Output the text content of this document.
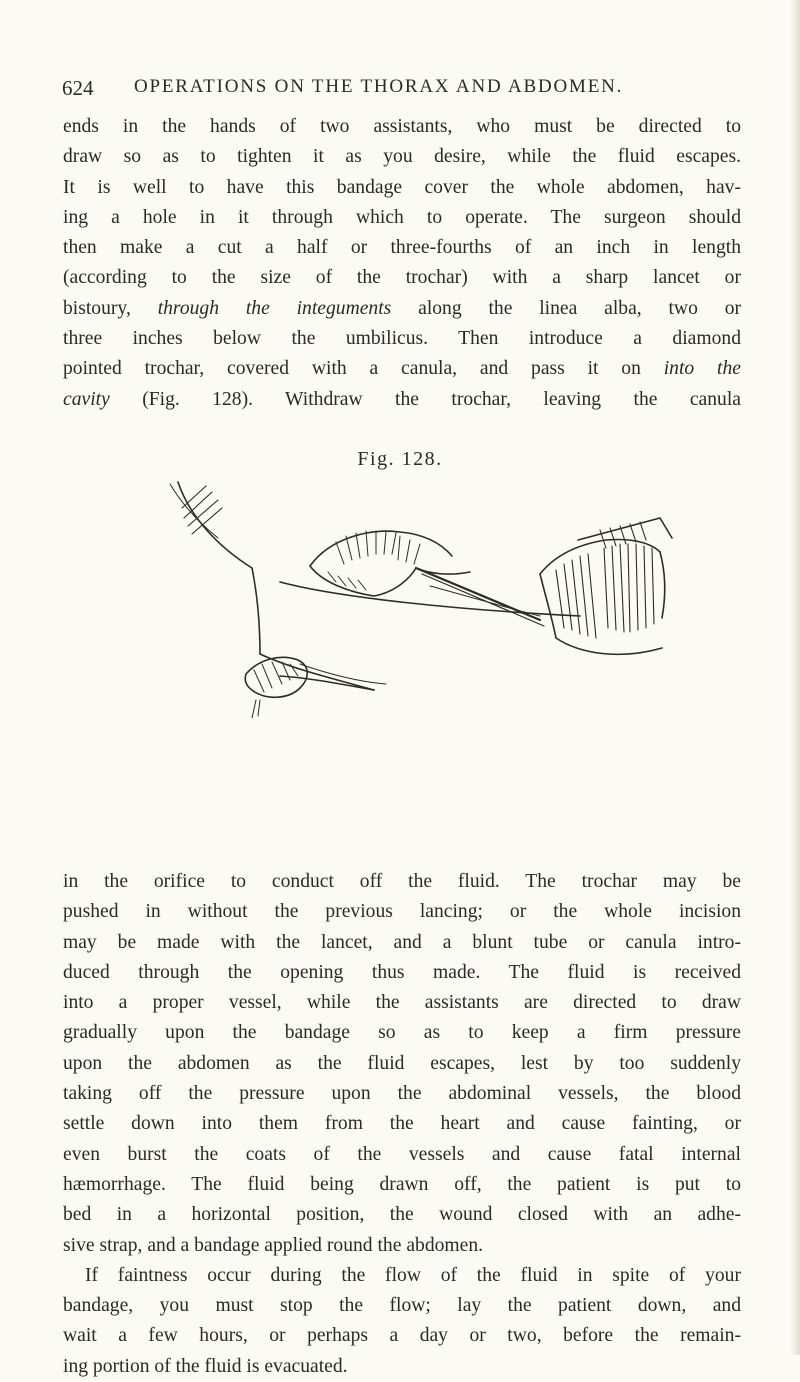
624 OPERATIONS ON THE THORAX AND ABDOMEN.
ends in the hands of two assistants, who must be directed to
draw so as to tighten it as you desire, while the fluid escapes.
It is well to have this bandage cover the whole abdomen, hav-
ing a hole in it through which to operate. The surgeon should
then make a cut a half or three-fourths of an inch in length
(according to the size of the trochar) with a sharp lancet or
bistoury, through the integuments along the linea alba, two or
three inches below the umbilicus. Then introduce a diamond
pointed trochar, covered with a canula, and pass it on into the
cavity (Fig. 128). Withdraw the trochar, leaving the canula
Fig. 128.
in the orifice to conduct off the fluid. The trochar may be
pushed in without the previous lancing; or the whole incision
may be made with the lancet, and a blunt tube or canula intro-
duced through the opening thus made. The fluid is received
into a proper vessel, while the assistants are directed to draw
gradually upon the bandage so as to keep a firm pressure
upon the abdomen as the fluid escapes, lest by too suddenly
taking off the pressure upon the abdominal vessels, the blood
settle down into them from the heart and cause fainting, or
even burst the coats of the vessels and cause fatal internal
hæmorrhage. The fluid being drawn off, the patient is put to
bed in a horizontal position, the wound closed with an adhe-
sive strap, and a bandage applied round the abdomen.
If faintness occur during the flow of the fluid in spite of your
bandage, you must stop the flow; lay the patient down, and
wait a few hours, or perhaps a day or two, before the remain-
ing portion of the fluid is evacuated.
